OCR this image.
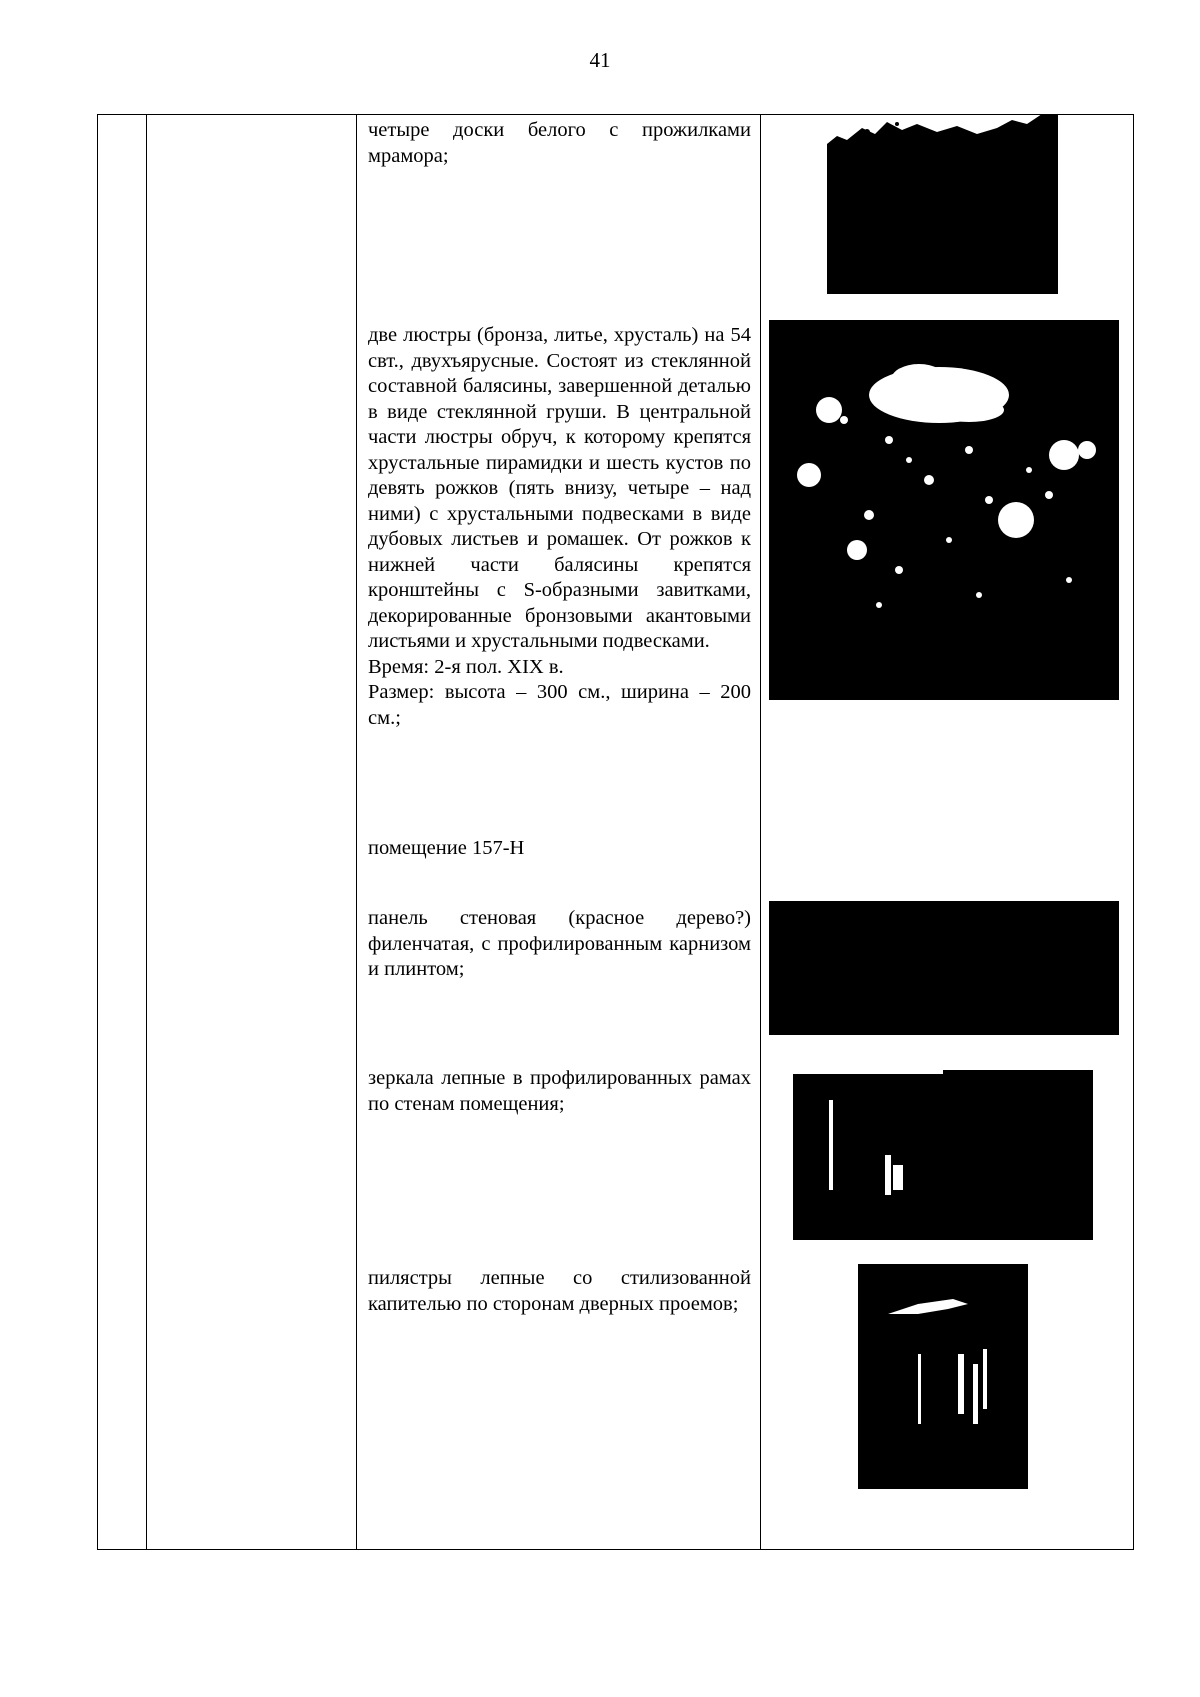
41

четыре доски белого с прожилками мрамора;

две люстры (бронза, литье, хрусталь) на 54 свт., двухъярусные. Состоят из стеклянной составной балясины, завершенной деталью в виде стеклянной груши. В центральной части люстры обруч, к которому крепятся хрустальные пирамидки и шесть кустов по девять рожков (пять внизу, четыре – над ними) с хрустальными подвесками в виде дубовых листьев и ромашек. От рожков к нижней части балясины крепятся кронштейны с S-образными завитками, декорированные бронзовыми акантовыми листьями и хрустальными подвесками.

Время: 2-я пол. XIX в.

Размер: высота – 300 см., ширина – 200 см.;

помещение 157-Н

панель стеновая (красное дерево?) филенчатая, с профилированным карнизом и плинтом;

зеркала лепные в профилированных рамах по стенам помещения;

пилястры лепные со стилизованной капителью по сторонам дверных проемов;
